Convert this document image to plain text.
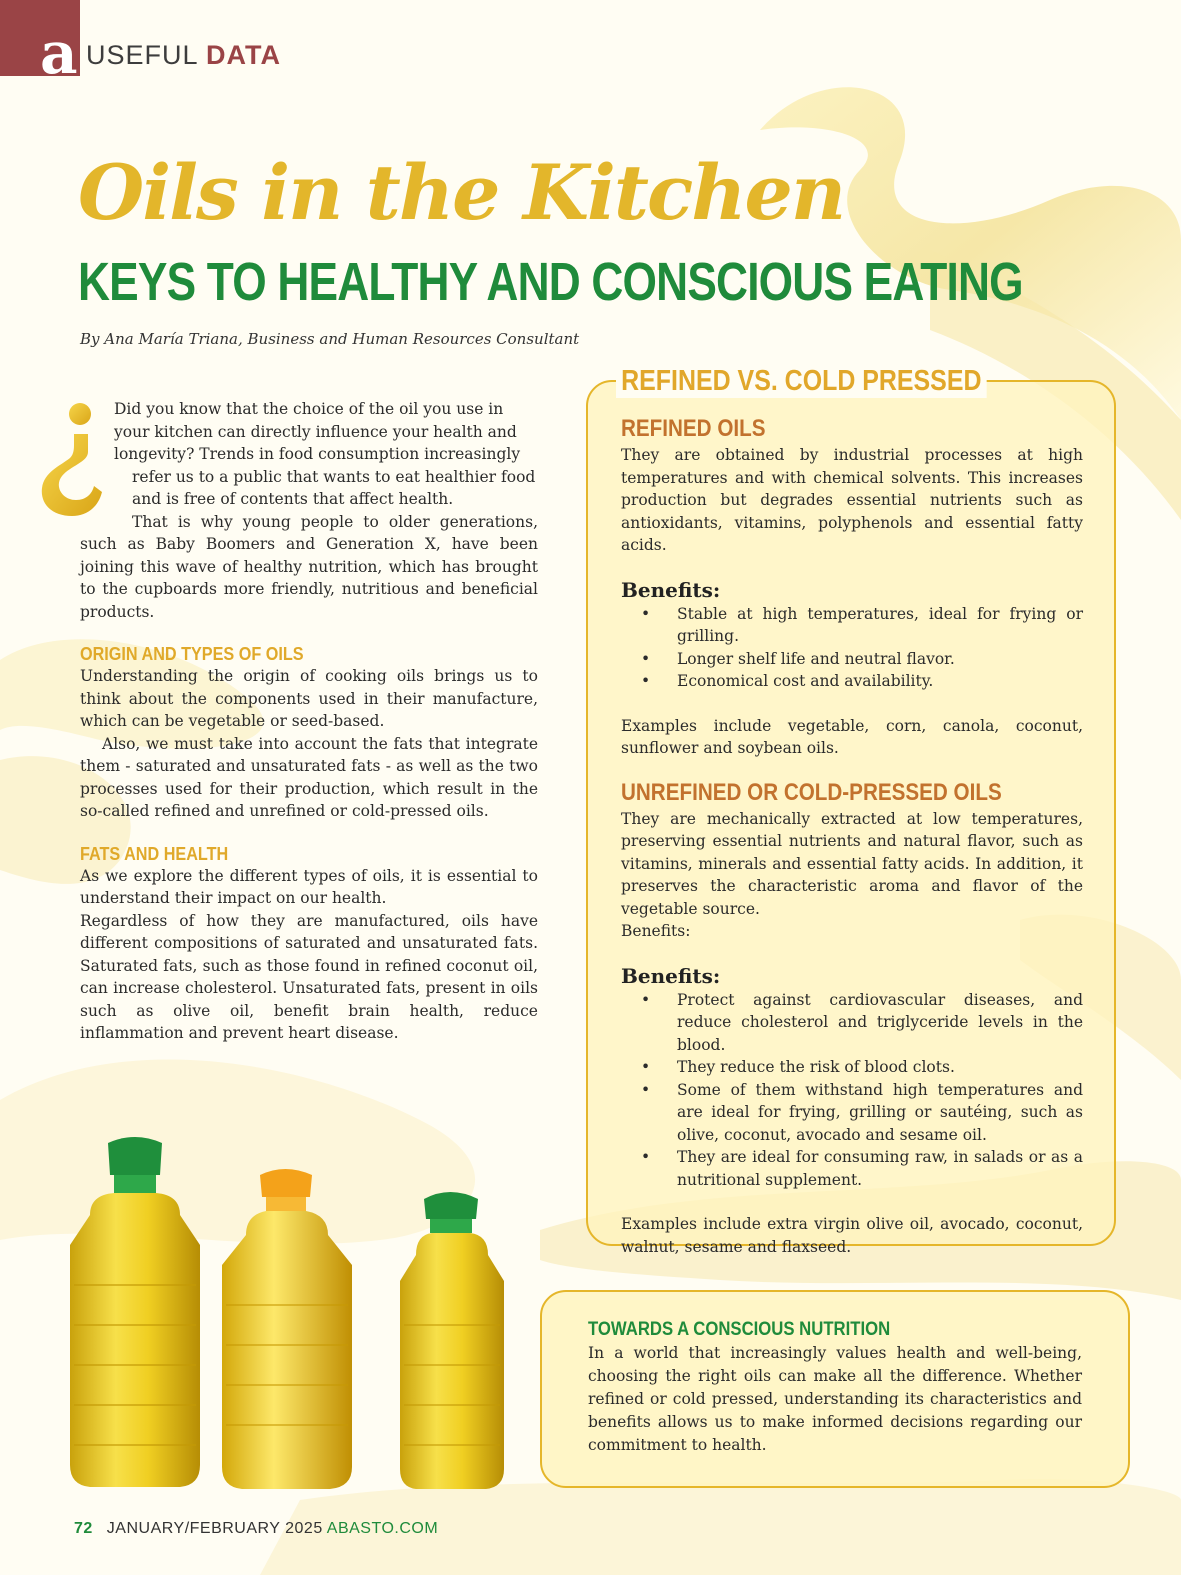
a USEFUL DATA
Oils in the Kitchen
KEYS TO HEALTHY AND CONSCIOUS EATING
By Ana María Triana, Business and Human Resources Consultant
Did you know that the choice of the oil you use in
your kitchen can directly influence your health and
longevity? Trends in food consumption increasingly
refer us to a public that wants to eat healthier food
and is free of contents that affect health.

That is why young people to older generations, such as Baby Boomers and Generation X, have been joining this wave of healthy nutrition, which has brought to the cupboards more friendly, nutritious and beneficial products.

ORIGIN AND TYPES OF OILS

Understanding the origin of cooking oils brings us to think about the components used in their manufacture, which can be vegetable or seed-based.

Also, we must take into account the fats that integrate them - saturated and unsaturated fats - as well as the two processes used for their production, which result in the so-called refined and unrefined or cold-pressed oils.

FATS AND HEALTH

As we explore the different types of oils, it is essential to understand their impact on our health.

Regardless of how they are manufactured, oils have different compositions of saturated and unsaturated fats. Saturated fats, such as those found in refined coconut oil, can increase cholesterol. Unsaturated fats, present in oils such as olive oil, benefit brain health, reduce inflammation and prevent heart disease.

REFINED VS. COLD PRESSED
REFINED OILS

They are obtained by industrial processes at high temperatures and with chemical solvents. This increases production but degrades essential nutrients such as antioxidants, vitamins, polyphenols and essential fatty acids.

Benefits:
• Stable at high temperatures, ideal for frying or grilling.
• Longer shelf life and neutral flavor.
• Economical cost and availability.

Examples include vegetable, corn, canola, coconut, sunflower and soybean oils.

UNREFINED OR COLD-PRESSED OILS

They are mechanically extracted at low temperatures, preserving essential nutrients and natural flavor, such as vitamins, minerals and essential fatty acids. In addition, it preserves the characteristic aroma and flavor of the vegetable source.

Benefits:

Benefits:
• Protect against cardiovascular diseases, and reduce cholesterol and triglyceride levels in the blood.
• They reduce the risk of blood clots.
• Some of them withstand high temperatures and are ideal for frying, grilling or sautéing, such as olive, coconut, avocado and sesame oil.
• They are ideal for consuming raw, in salads or as a nutritional supplement.

Examples include extra virgin olive oil, avocado, coconut, walnut, sesame and flaxseed.

TOWARDS A CONSCIOUS NUTRITION

In a world that increasingly values health and well-being, choosing the right oils can make all the difference. Whether refined or cold pressed, understanding its characteristics and benefits allows us to make informed decisions regarding our commitment to health.

72 JANUARY/FEBRUARY 2025 ABASTO.COM
